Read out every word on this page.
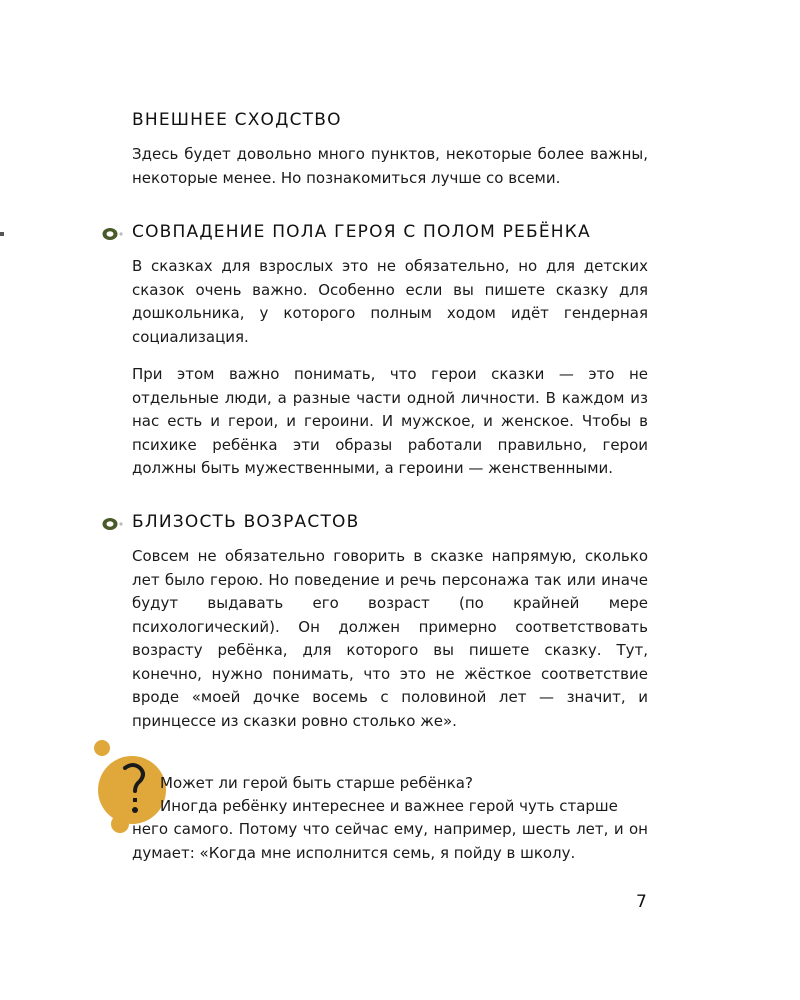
ВНЕШНЕЕ СХОДСТВО

Здесь будет довольно много пунктов, некоторые более важны, некоторые менее. Но познакомиться лучше со всеми.

СОВПАДЕНИЕ ПОЛА ГЕРОЯ С ПОЛОМ РЕБЁНКА

В сказках для взрослых это не обязательно, но для детских сказок очень важно. Особенно если вы пишете сказку для дошкольника, у которого полным ходом идёт гендерная социализация.

При этом важно понимать, что герои сказки — это не отдельные люди, а разные части одной личности. В каждом из нас есть и герои, и героини. И мужское, и женское. Чтобы в психике ребёнка эти образы работали правильно, герои должны быть мужественными, а героини — женственными.

БЛИЗОСТЬ ВОЗРАСТОВ

Совсем не обязательно говорить в сказке напрямую, сколько лет было герою. Но поведение и речь персонажа так или иначе будут выдавать его возраст (по крайней мере психологический). Он должен примерно соответствовать возрасту ребёнка, для которого вы пишете сказку. Тут, конечно, нужно понимать, что это не жёсткое соответствие вроде «моей дочке восемь с половиной лет — значит, и принцессе из сказки ровно столько же».

Может ли герой быть старше ребёнка?

Иногда ребёнку интереснее и важнее герой чуть старше

него самого. Потому что сейчас ему, например, шесть лет, и он думает: «Когда мне исполнится семь, я пойду в школу.

7
